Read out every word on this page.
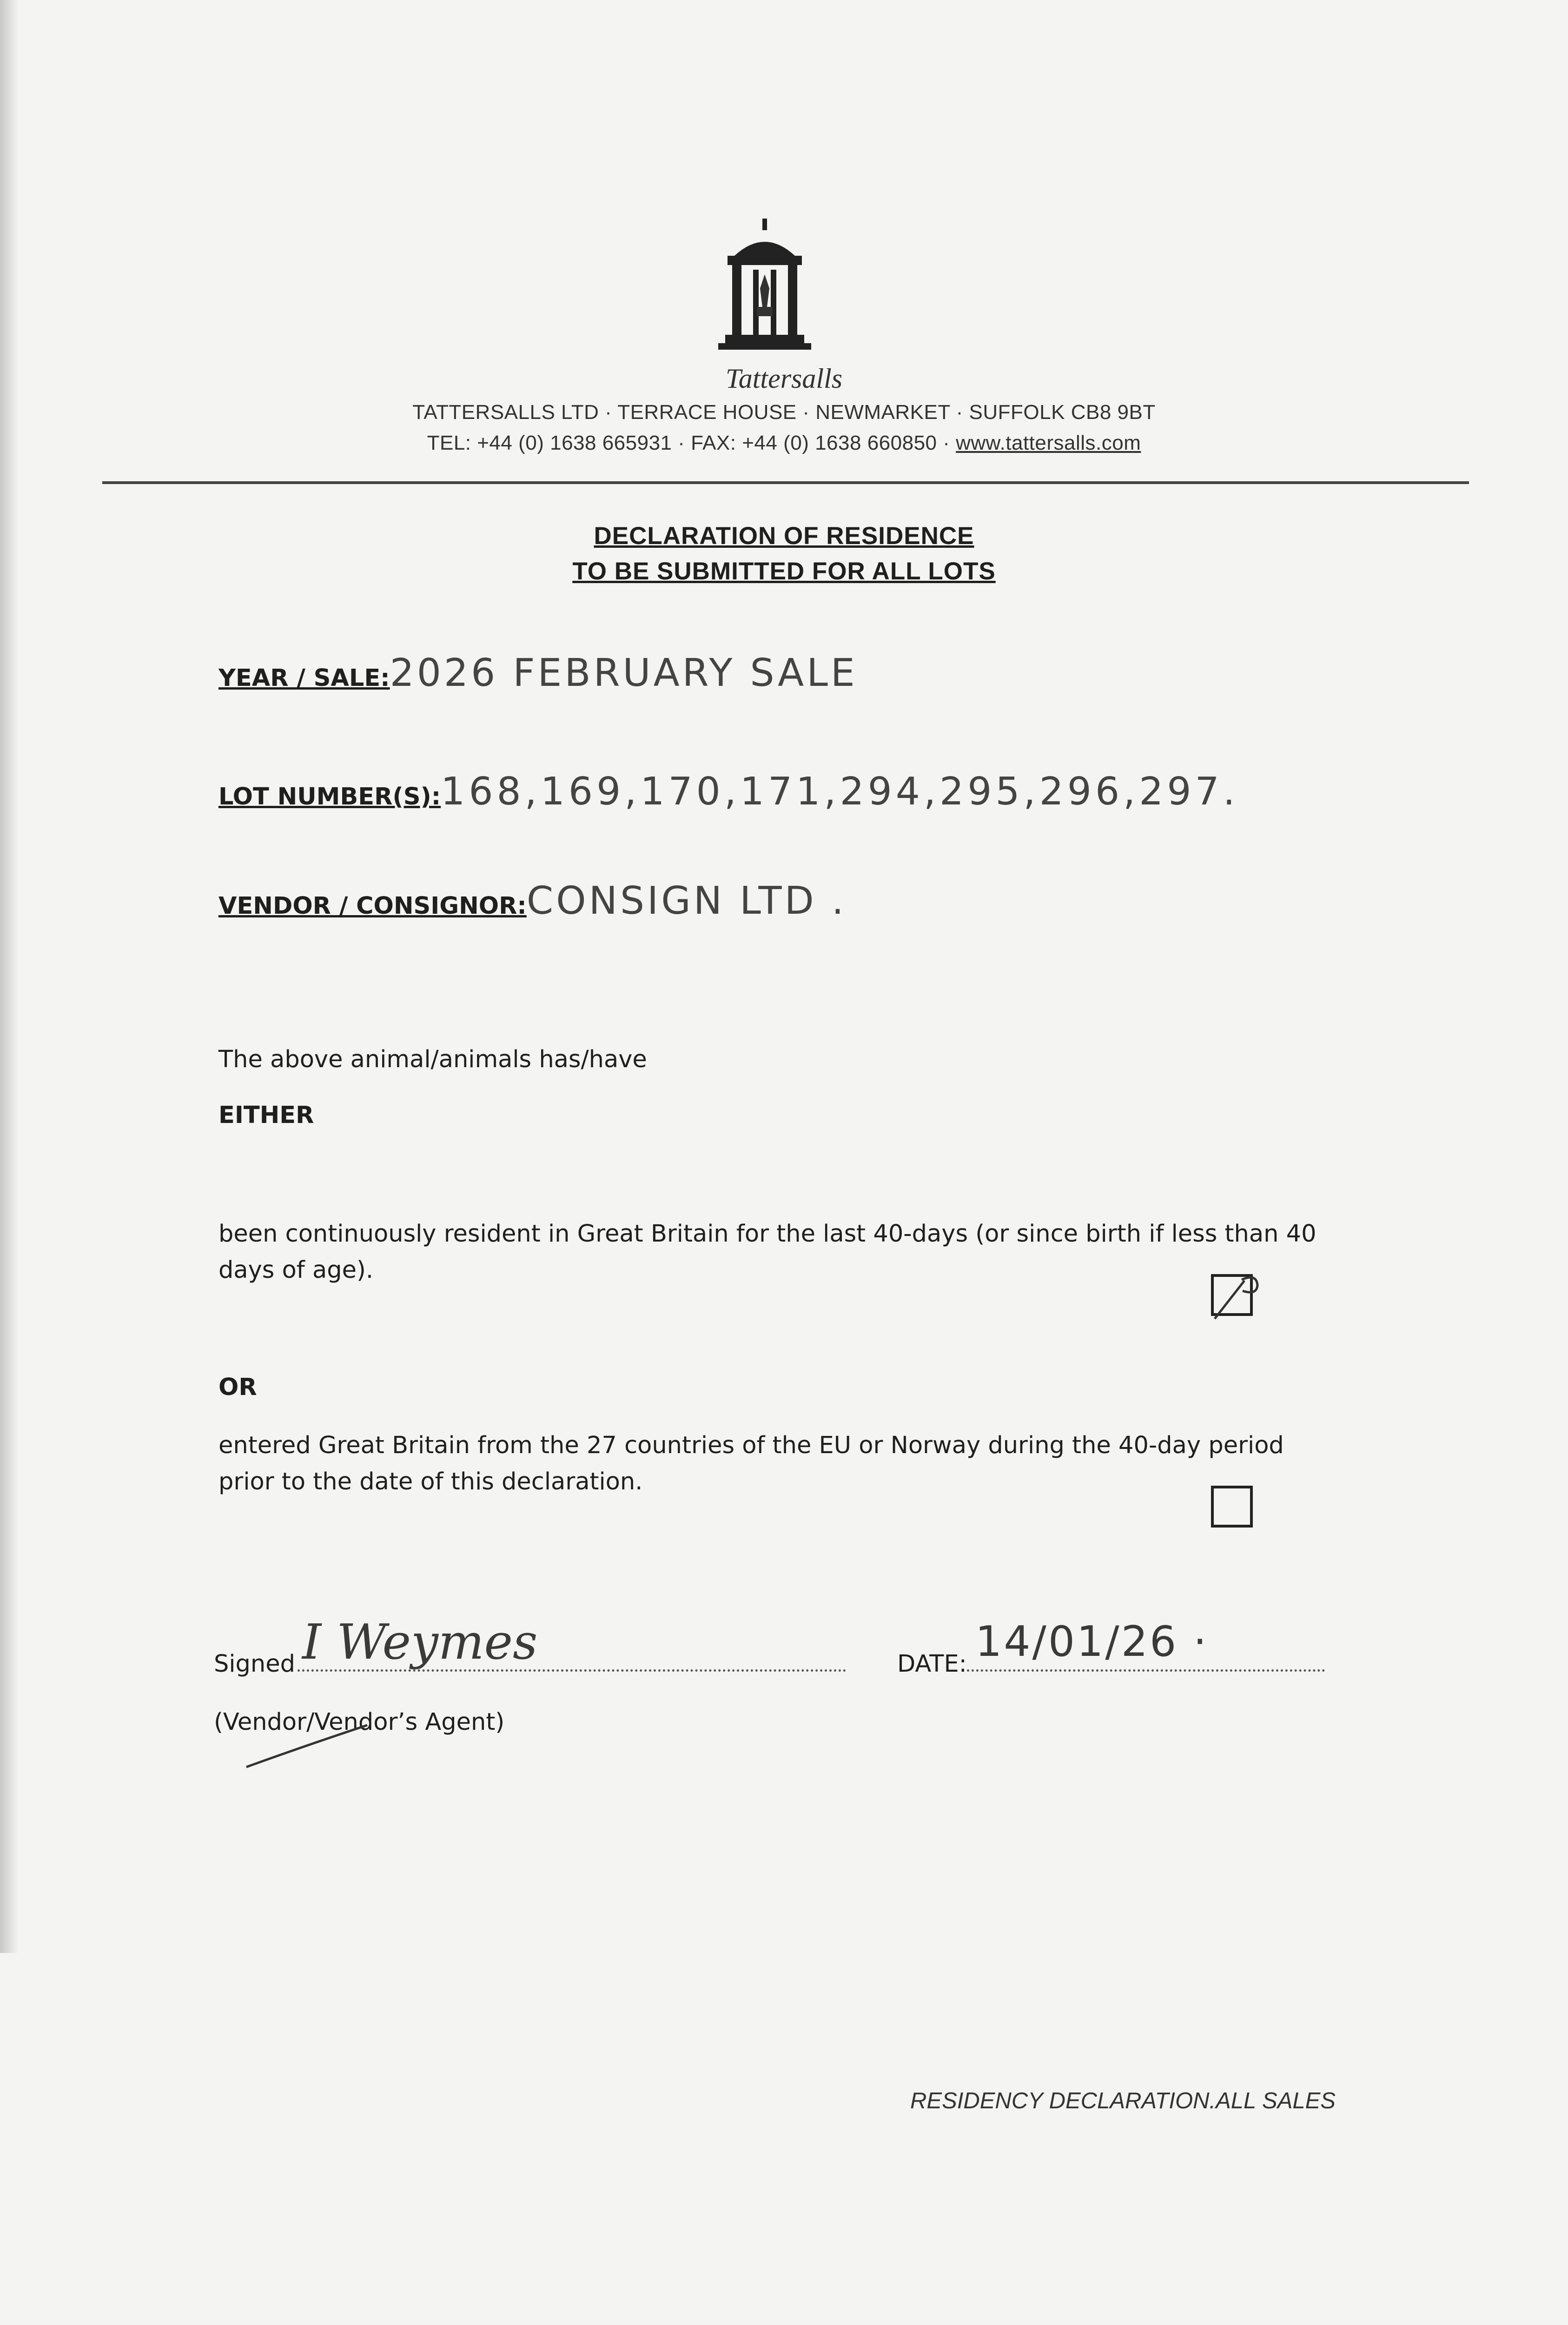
Tattersalls
TATTERSALLS LTD · TERRACE HOUSE · NEWMARKET · SUFFOLK CB8 9BT
TEL: +44 (0) 1638 665931 · FAX: +44 (0) 1638 660850 · www.tattersalls.com
DECLARATION OF RESIDENCE
TO BE SUBMITTED FOR ALL LOTS
YEAR / SALE:2026 FEBRUARY SALE
LOT NUMBER(S):168,169,170,171,294,295,296,297.
VENDOR / CONSIGNOR:CONSIGN LTD .
The above animal/animals has/have
EITHER
been continuously resident in Great Britain for the last 40-days (or since birth if less than 40 days of age).
OR
entered Great Britain from the 27 countries of the EU or Norway during the 40-day period prior to the date of this declaration.
Signed I Weymes
(Vendor/Vendor’s Agent)
DATE: 14/01/26 ·
RESIDENCY DECLARATION.ALL SALES
